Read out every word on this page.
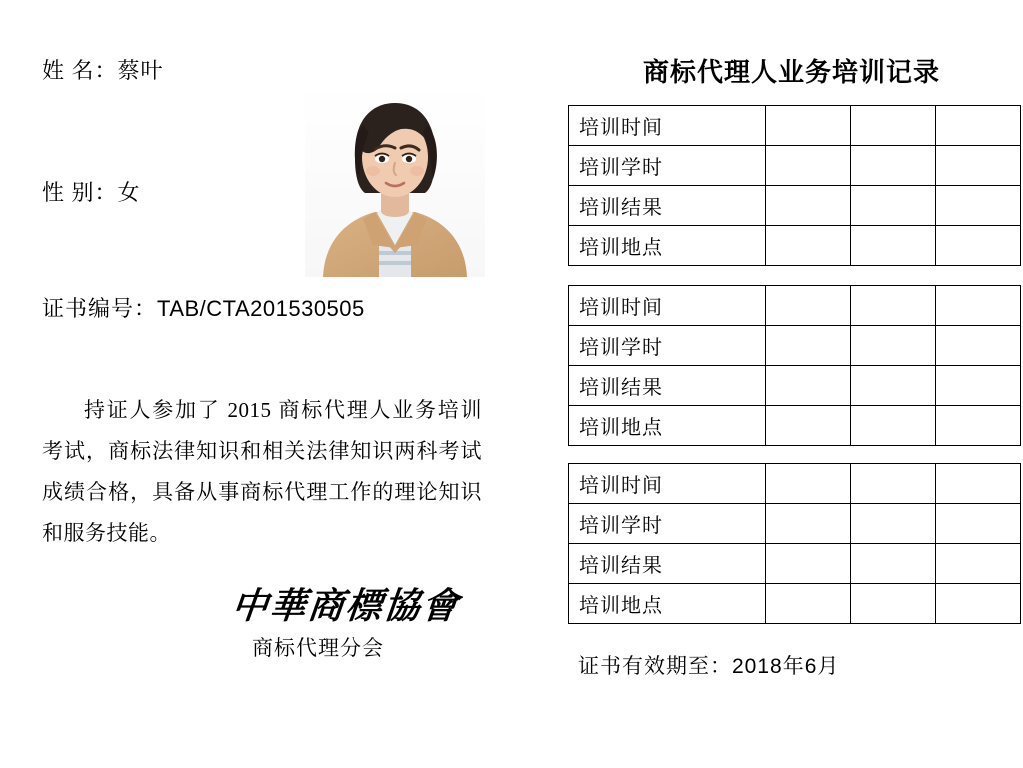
姓 名：蔡叶
性 别：女
证书编号：TAB/CTA201530505
持证人参加了 2015 商标代理人业务培训考试，商标法律知识和相关法律知识两科考试成绩合格，具备从事商标代理工作的理论知识和服务技能。
中華商標協會
商标代理分会
商标代理人业务培训记录
培训时间			
培训学时			
培训结果			
培训地点			
培训时间			
培训学时			
培训结果			
培训地点			
培训时间			
培训学时			
培训结果			
培训地点			
证书有效期至：2018年6月
